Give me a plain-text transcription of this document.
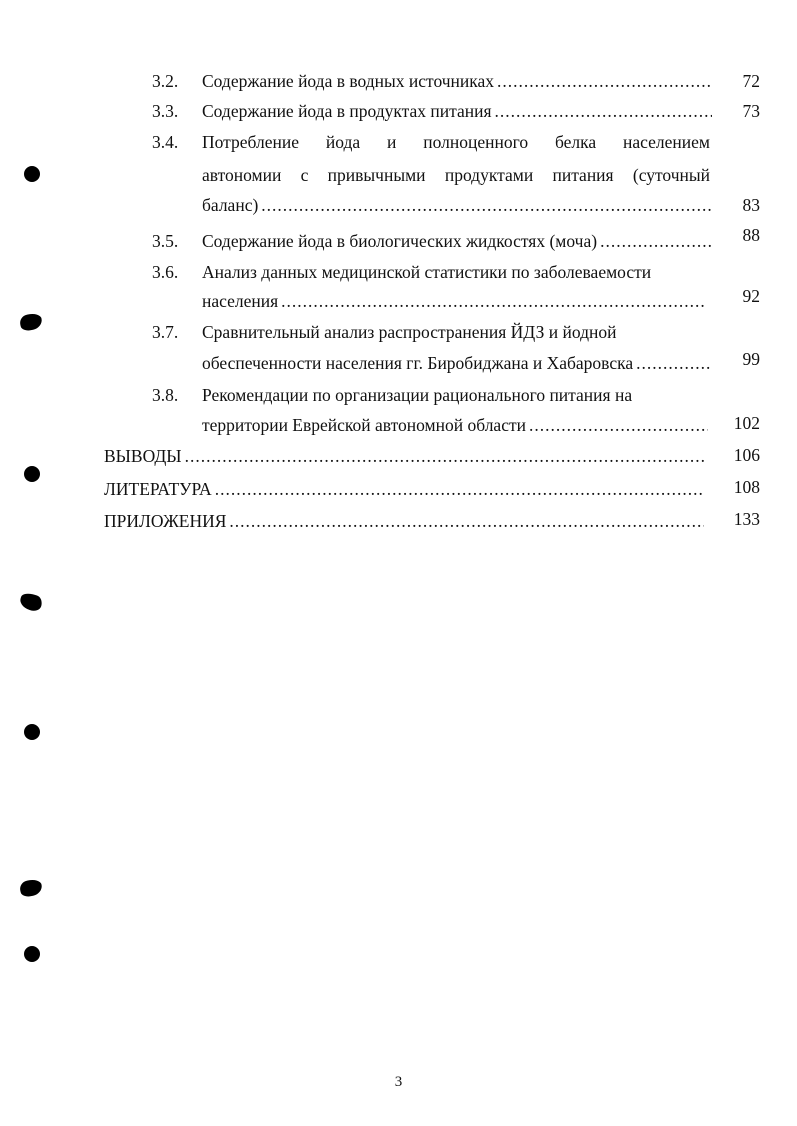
3.2. Содержание йода в водных источниках .....	72
3.3. Содержание йода в продуктах питания .....	73
3.4. Потребление йода и полноценного белка населением
автономии с привычными продуктами питания (суточный
баланс) .....	83
3.5. Содержание йода в биологических жидкостях (моча) .....	88
3.6. Анализ данных медицинской статистики по заболеваемости
населения .....	92
3.7. Сравнительный анализ распространения ЙДЗ и йодной
обеспеченности населения гг. Биробиджана и Хабаровска .....	99
3.8. Рекомендации по организации рационального питания на
территории Еврейской автономной области .....	102
ВЫВОДЫ .....	106
ЛИТЕРАТУРА .....	108
ПРИЛОЖЕНИЯ .....	133
3
